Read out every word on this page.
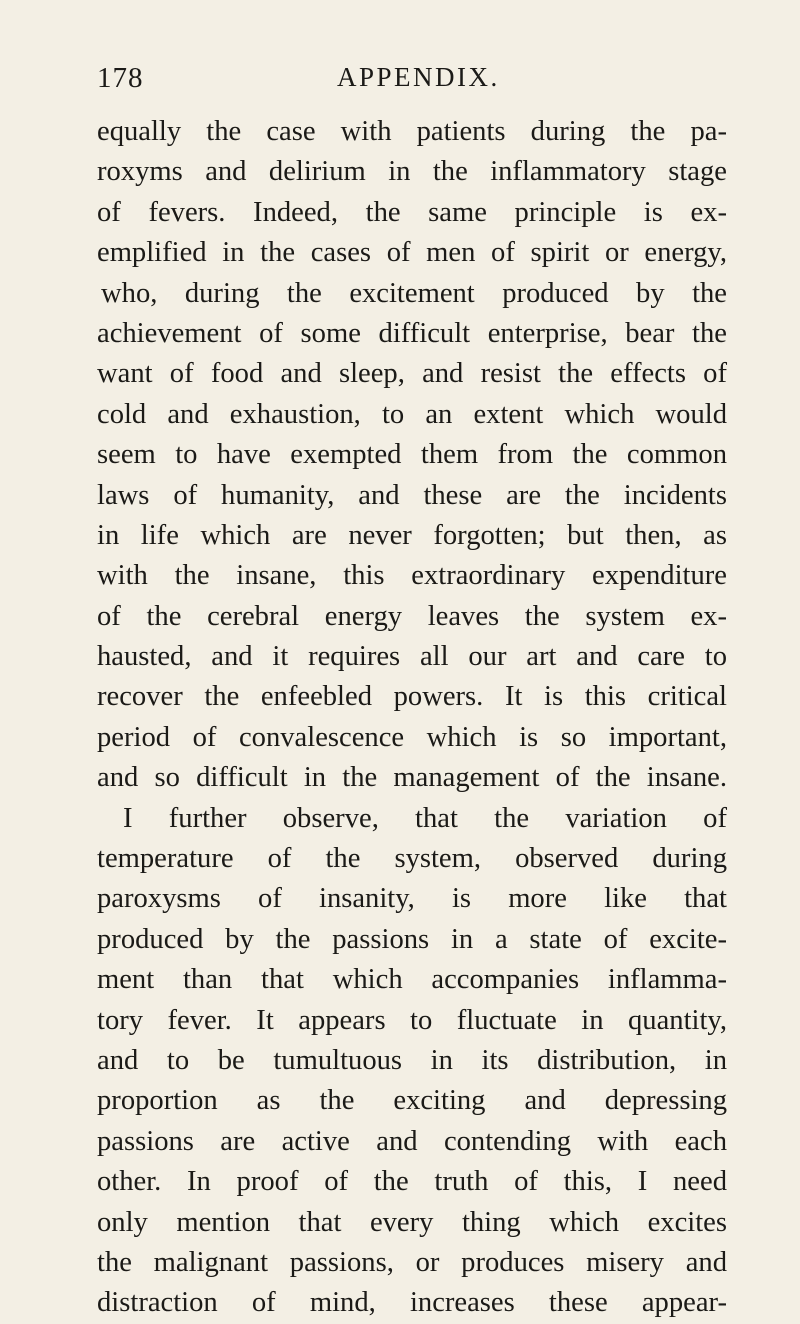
178	APPENDIX.
equally the case with patients during the pa-
roxyms and delirium in the inflammatory stage
of fevers. Indeed, the same principle is ex-
emplified in the cases of men of spirit or energy,
who, during the excitement produced by the
achievement of some difficult enterprise, bear the
want of food and sleep, and resist the effects of
cold and exhaustion, to an extent which would
seem to have exempted them from the common
laws of humanity, and these are the incidents
in life which are never forgotten; but then, as
with the insane, this extraordinary expenditure
of the cerebral energy leaves the system ex-
hausted, and it requires all our art and care to
recover the enfeebled powers. It is this critical
period of convalescence which is so important,
and so difficult in the management of the insane.
I further observe, that the variation of
temperature of the system, observed during
paroxysms of insanity, is more like that
produced by the passions in a state of excite-
ment than that which accompanies inflamma-
tory fever. It appears to fluctuate in quantity,
and to be tumultuous in its distribution, in
proportion as the exciting and depressing
passions are active and contending with each
other. In proof of the truth of this, I need
only mention that every thing which excites
the malignant passions, or produces misery and
distraction of mind, increases these appear-
